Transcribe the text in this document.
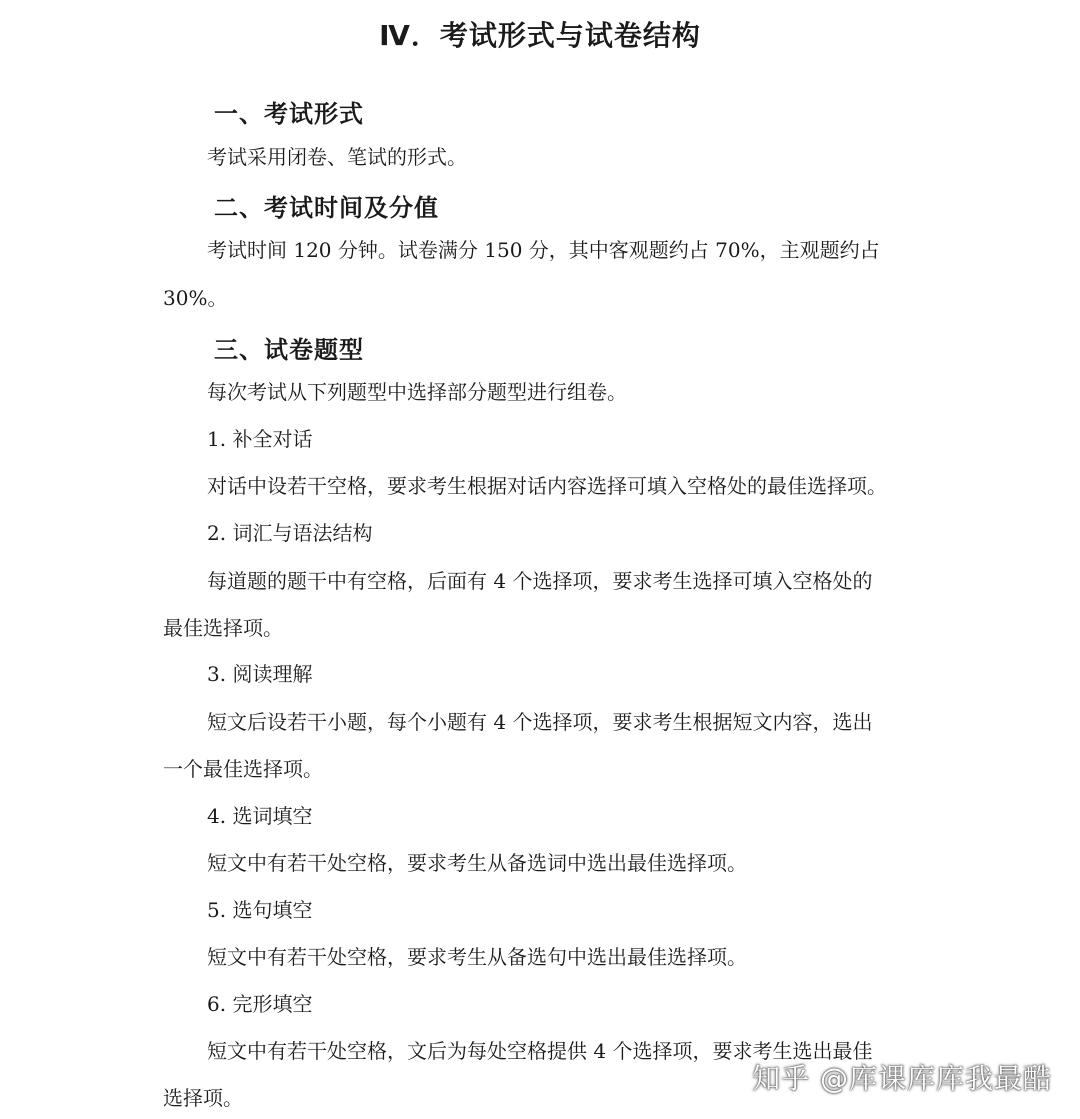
Ⅳ．考试形式与试卷结构
一、考试形式
考试采用闭卷、笔试的形式。
二、考试时间及分值
考试时间 120 分钟。试卷满分 150 分，其中客观题约占 70%，主观题约占
30%。
三、试卷题型
每次考试从下列题型中选择部分题型进行组卷。
1. 补全对话
对话中设若干空格，要求考生根据对话内容选择可填入空格处的最佳选择项。
2. 词汇与语法结构
每道题的题干中有空格，后面有 4 个选择项，要求考生选择可填入空格处的
最佳选择项。
3. 阅读理解
短文后设若干小题，每个小题有 4 个选择项，要求考生根据短文内容，选出
一个最佳选择项。
4. 选词填空
短文中有若干处空格，要求考生从备选词中选出最佳选择项。
5. 选句填空
短文中有若干处空格，要求考生从备选句中选出最佳选择项。
6. 完形填空
短文中有若干处空格，文后为每处空格提供 4 个选择项，要求考生选出最佳
选择项。
知乎 @库课库库我最酷
